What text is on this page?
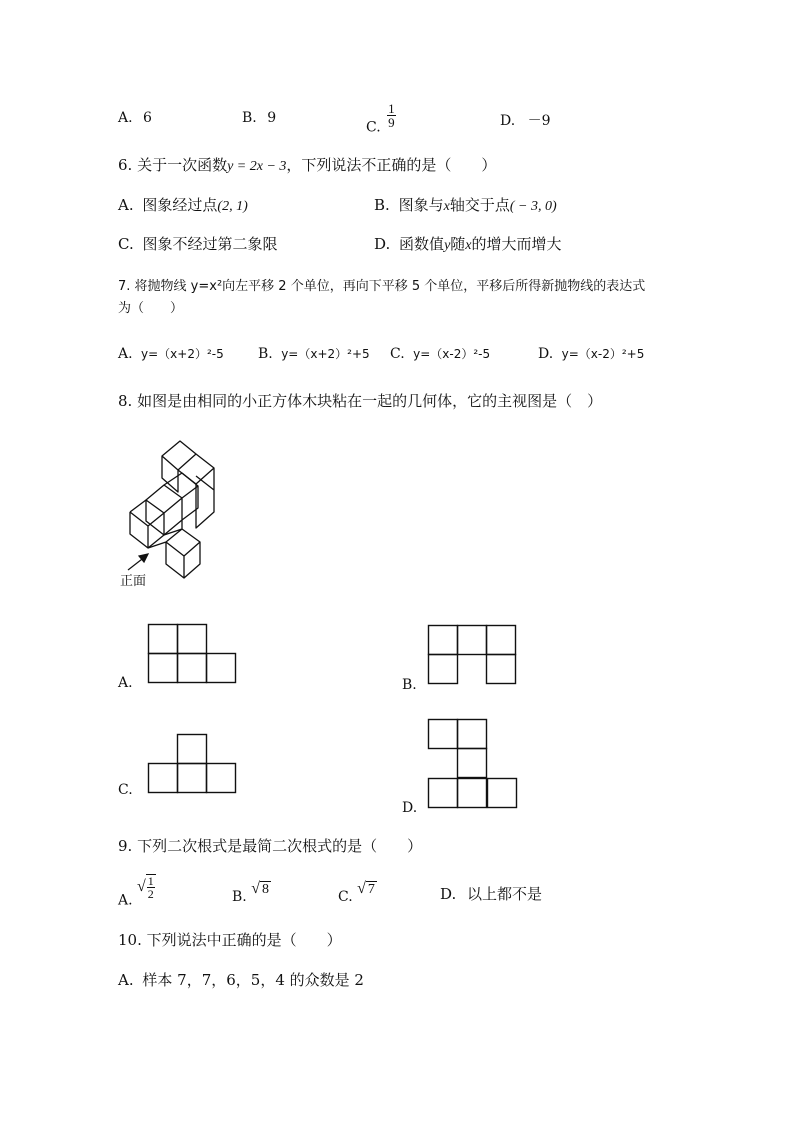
A. 6	B. 9
C. $\frac{1}{9}$	D. －9
6. 关于一次函数y = 2x − 3，下列说法不正确的是（　　）
A. 图象经过点(2, 1)	B. 图象与x轴交于点( − 3, 0)
C. 图象不经过第二象限	D. 函数值y随x的增大而增大
7. 将抛物线 y=x²向左平移 2 个单位，再向下平移 5 个单位，平移后所得新抛物线的表达式
为（　　）
A. y=（x+2）²-5 B. y=（x+2）²+5 C. y=（x-2）²-5	D. y=（x-2）²+5
8. 如图是由相同的小正方体木块粘在一起的几何体，它的主视图是（　）
正面
A.	B.
C.
D.
9. 下列二次根式是最简二次根式的是（　　）
A. √ $\frac{1}{2}$	B. √ 8	C. √ 7	D. 以上都不是
10. 下列说法中正确的是（　　）
A. 样本 7，7，6，5，4 的众数是 2
